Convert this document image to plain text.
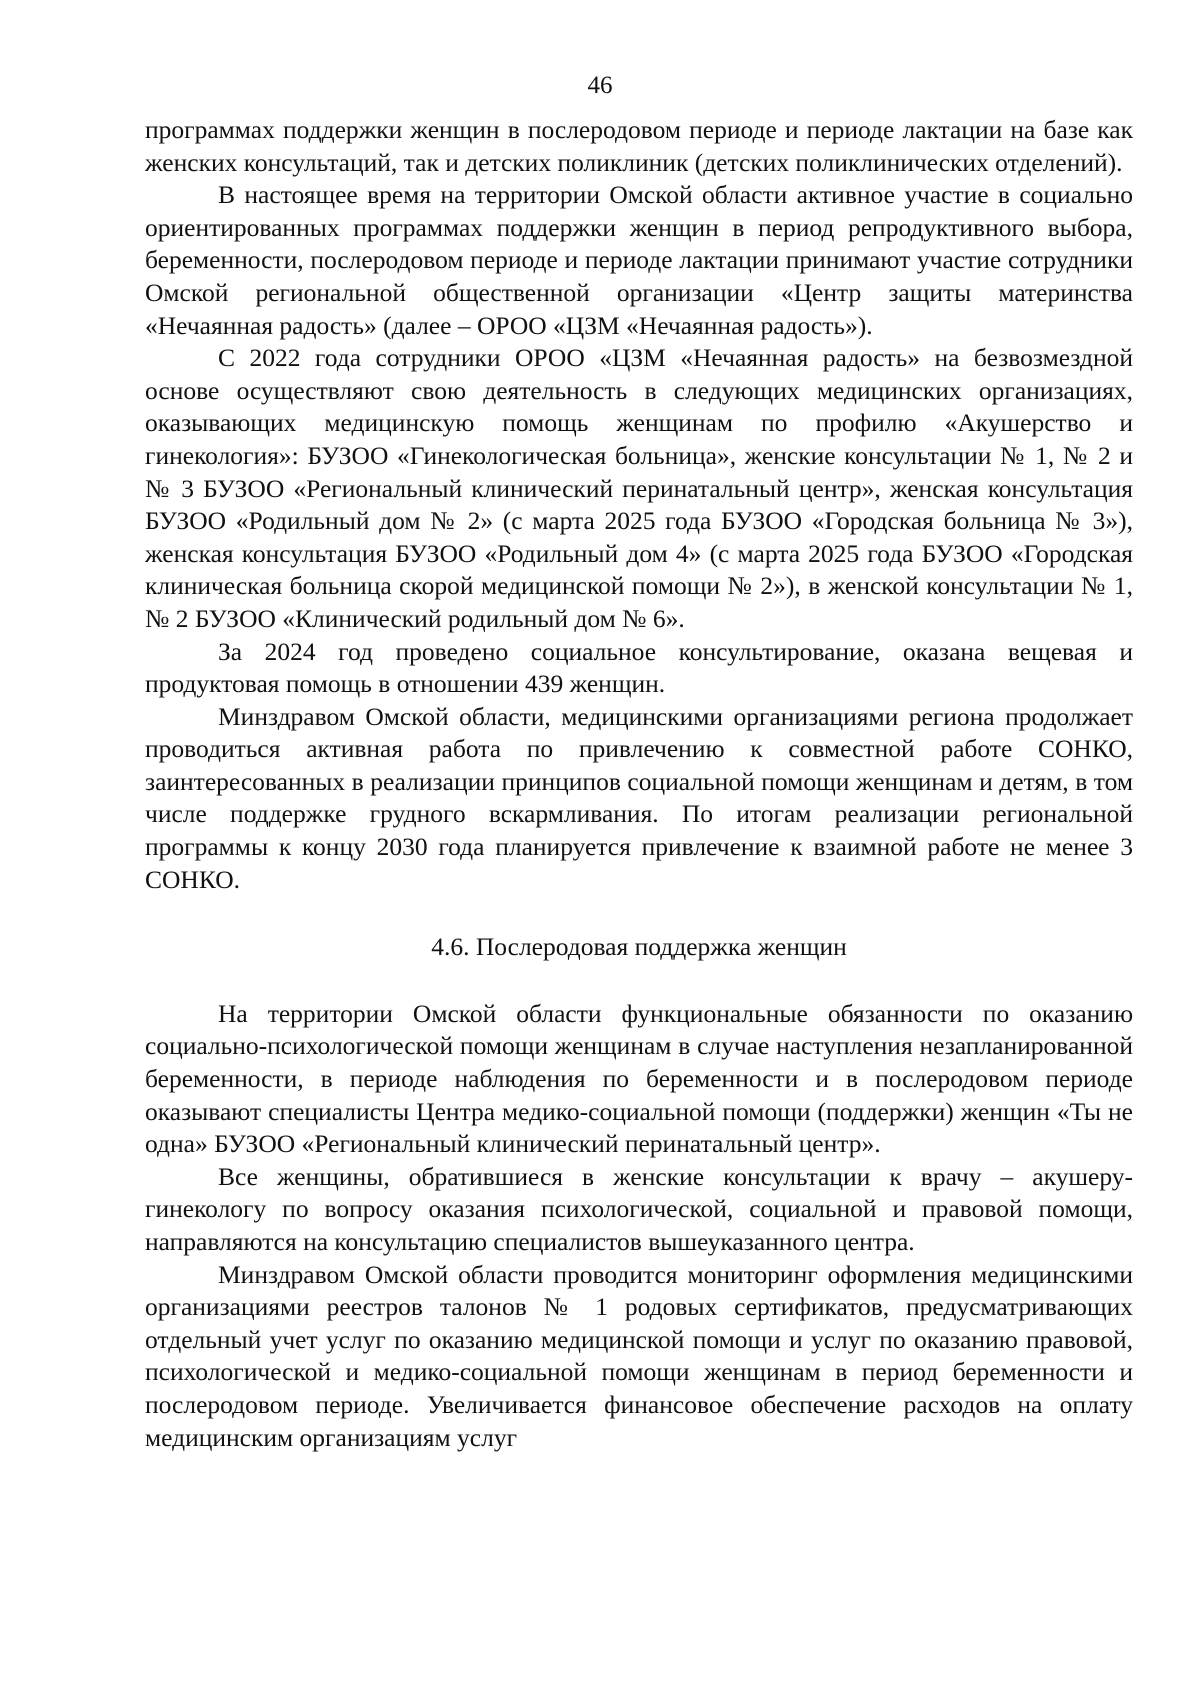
46

программах поддержки женщин в послеродовом периоде и периоде лактации на базе как женских консультаций, так и детских поликлиник (детских поликлинических отделений).

В настоящее время на территории Омской области активное участие в социально ориентированных программах поддержки женщин в период репродуктивного выбора, беременности, послеродовом периоде и периоде лактации принимают участие сотрудники Омской региональной общественной организации «Центр защиты материнства «Нечаянная радость» (далее – ОРОО «ЦЗМ «Нечаянная радость»).

С 2022 года сотрудники ОРОО «ЦЗМ «Нечаянная радость» на безвозмездной основе осуществляют свою деятельность в следующих медицинских организациях, оказывающих медицинскую помощь женщинам по профилю «Акушерство и гинекология»: БУЗОО «Гинекологическая больница», женские консультации № 1, № 2 и № 3 БУЗОО «Региональный клинический перинатальный центр», женская консультация БУЗОО «Родильный дом № 2» (с марта 2025 года БУЗОО «Городская больница № 3»), женская консультация БУЗОО «Родильный дом 4» (с марта 2025 года БУЗОО «Городская клиническая больница скорой медицинской помощи № 2»), в женской консультации № 1, № 2 БУЗОО «Клинический родильный дом № 6».

За 2024 год проведено социальное консультирование, оказана вещевая и продуктовая помощь в отношении 439 женщин.

Минздравом Омской области, медицинскими организациями региона продолжает проводиться активная работа по привлечению к совместной работе СОНКО, заинтересованных в реализации принципов социальной помощи женщинам и детям, в том числе поддержке грудного вскармливания. По итогам реализации региональной программы к концу 2030 года планируется привлечение к взаимной работе не менее 3 СОНКО.

4.6. Послеродовая поддержка женщин

На территории Омской области функциональные обязанности по оказанию социально-психологической помощи женщинам в случае наступления незапланированной беременности, в периоде наблюдения по беременности и в послеродовом периоде оказывают специалисты Центра медико-социальной помощи (поддержки) женщин «Ты не одна» БУЗОО «Региональный клинический перинатальный центр».

Все женщины, обратившиеся в женские консультации к врачу – акушеру-гинекологу по вопросу оказания психологической, социальной и правовой помощи, направляются на консультацию специалистов вышеуказанного центра.

Минздравом Омской области проводится мониторинг оформления медицинскими организациями реестров талонов № 1 родовых сертификатов, предусматривающих отдельный учет услуг по оказанию медицинской помощи и услуг по оказанию правовой, психологической и медико-социальной помощи женщинам в период беременности и послеродовом периоде. Увеличивается финансовое обеспечение расходов на оплату медицинским организациям услуг
